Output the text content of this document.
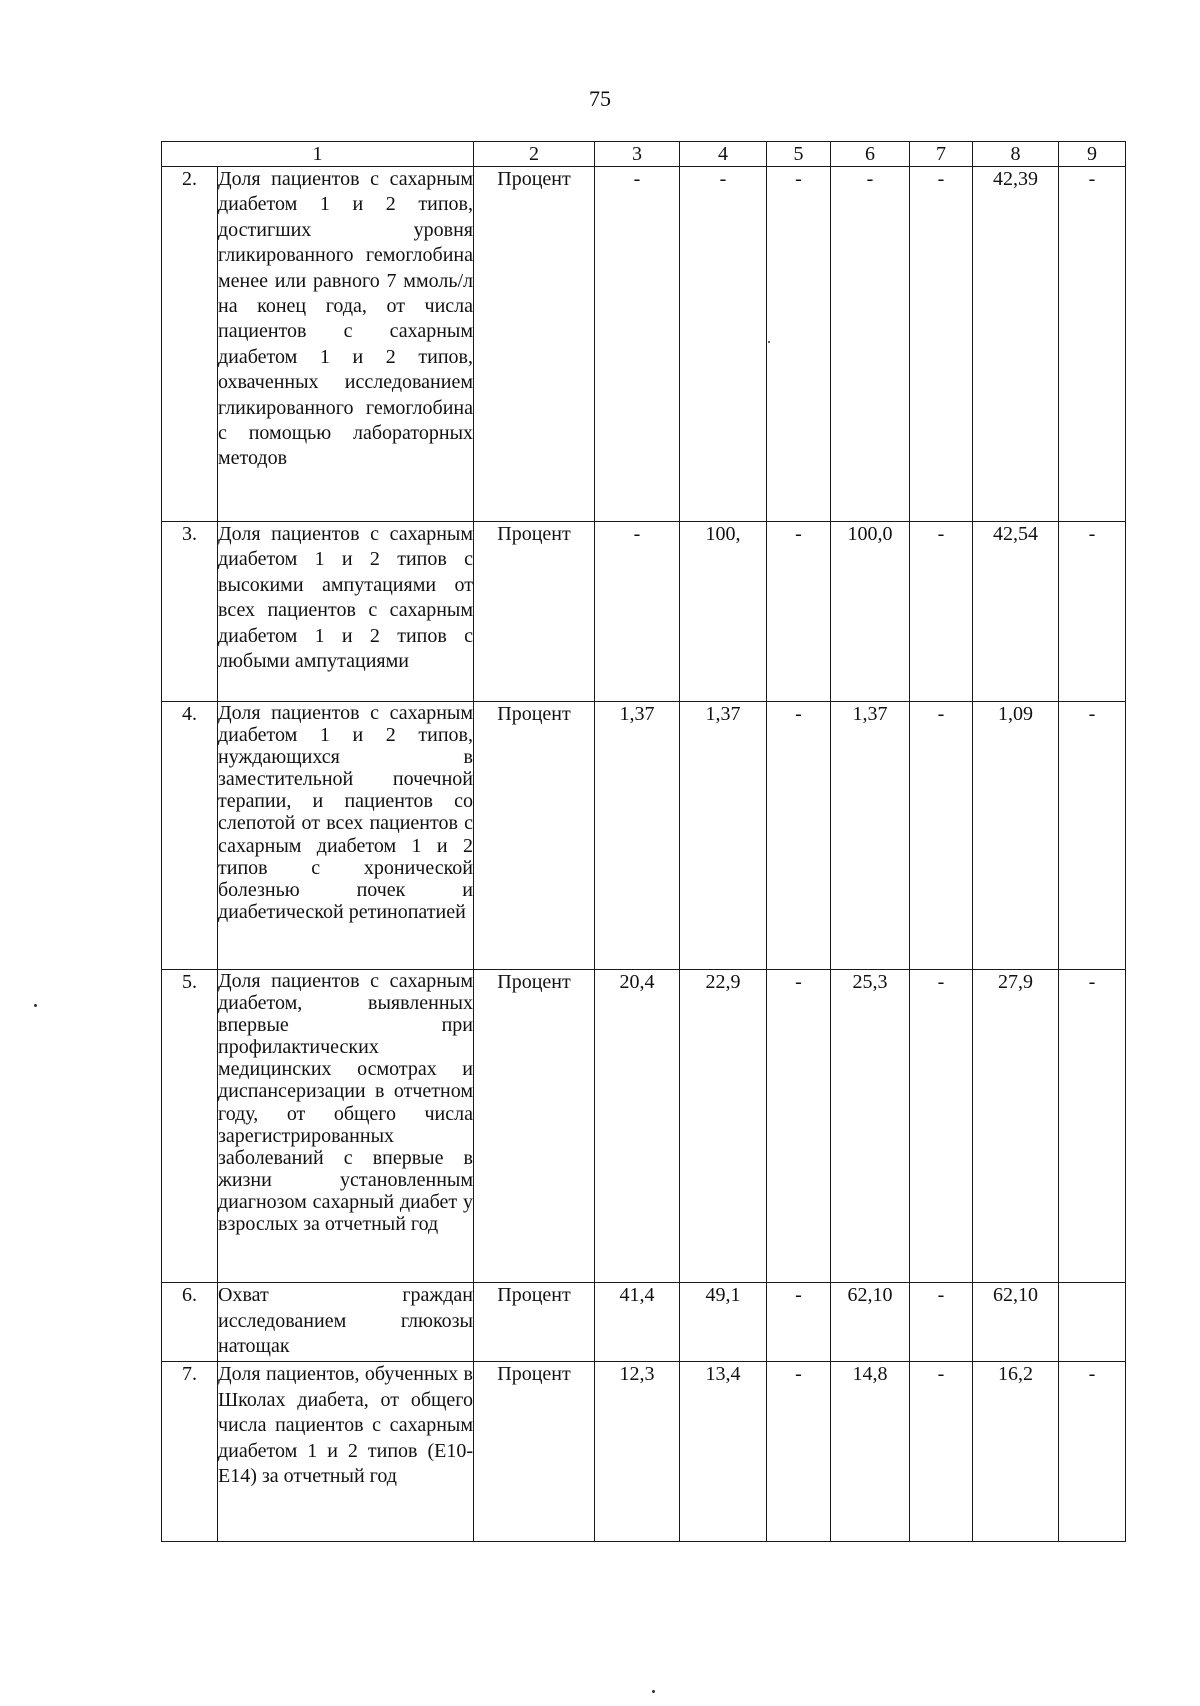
75
1		2	3	4	5	6	7	8	9
2.	Доля пациентов с сахарным диабетом 1 и 2 типов, достигших уровня гликированного гемоглобина менее или равного 7 ммоль/л на конец года, от числа пациентов с сахарным диабетом 1 и 2 типов, охваченных исследованием гликированного гемоглобина с помощью лабораторных методов	Процент	-	-	-	-	-	42,39	-
3.	Доля пациентов с сахарным диабетом 1 и 2 типов с высокими ампутациями от всех пациентов с сахарным диабетом 1 и 2 типов с любыми ампутациями	Процент	-	100,	-	100,0	-	42,54	-
4.	Доля пациентов с сахарным диабетом 1 и 2 типов, нуждающихся в заместительной почечной терапии, и пациентов со слепотой от всех пациентов с сахарным диабетом 1 и 2 типов с хронической болезнью почек и диабетической ретинопатией	Процент	1,37	1,37	-	1,37	-	1,09	-
5.	Доля пациентов с сахарным диабетом, выявленных впервые при профилактических медицинских осмотрах и диспансеризации в отчетном году, от общего числа зарегистрированных заболеваний с впервые в жизни установленным диагнозом сахарный диабет у взрослых за отчетный год	Процент	20,4	22,9	-	25,3	-	27,9	-
6.	Охват граждан исследованием глюкозы натощак	Процент	41,4	49,1	-	62,10	-	62,10	
7.	Доля пациентов, обученных в Школах диабета, от общего числа пациентов с сахарным диабетом 1 и 2 типов (Е10-Е14) за отчетный год	Процент	12,3	13,4	-	14,8	-	16,2	-
